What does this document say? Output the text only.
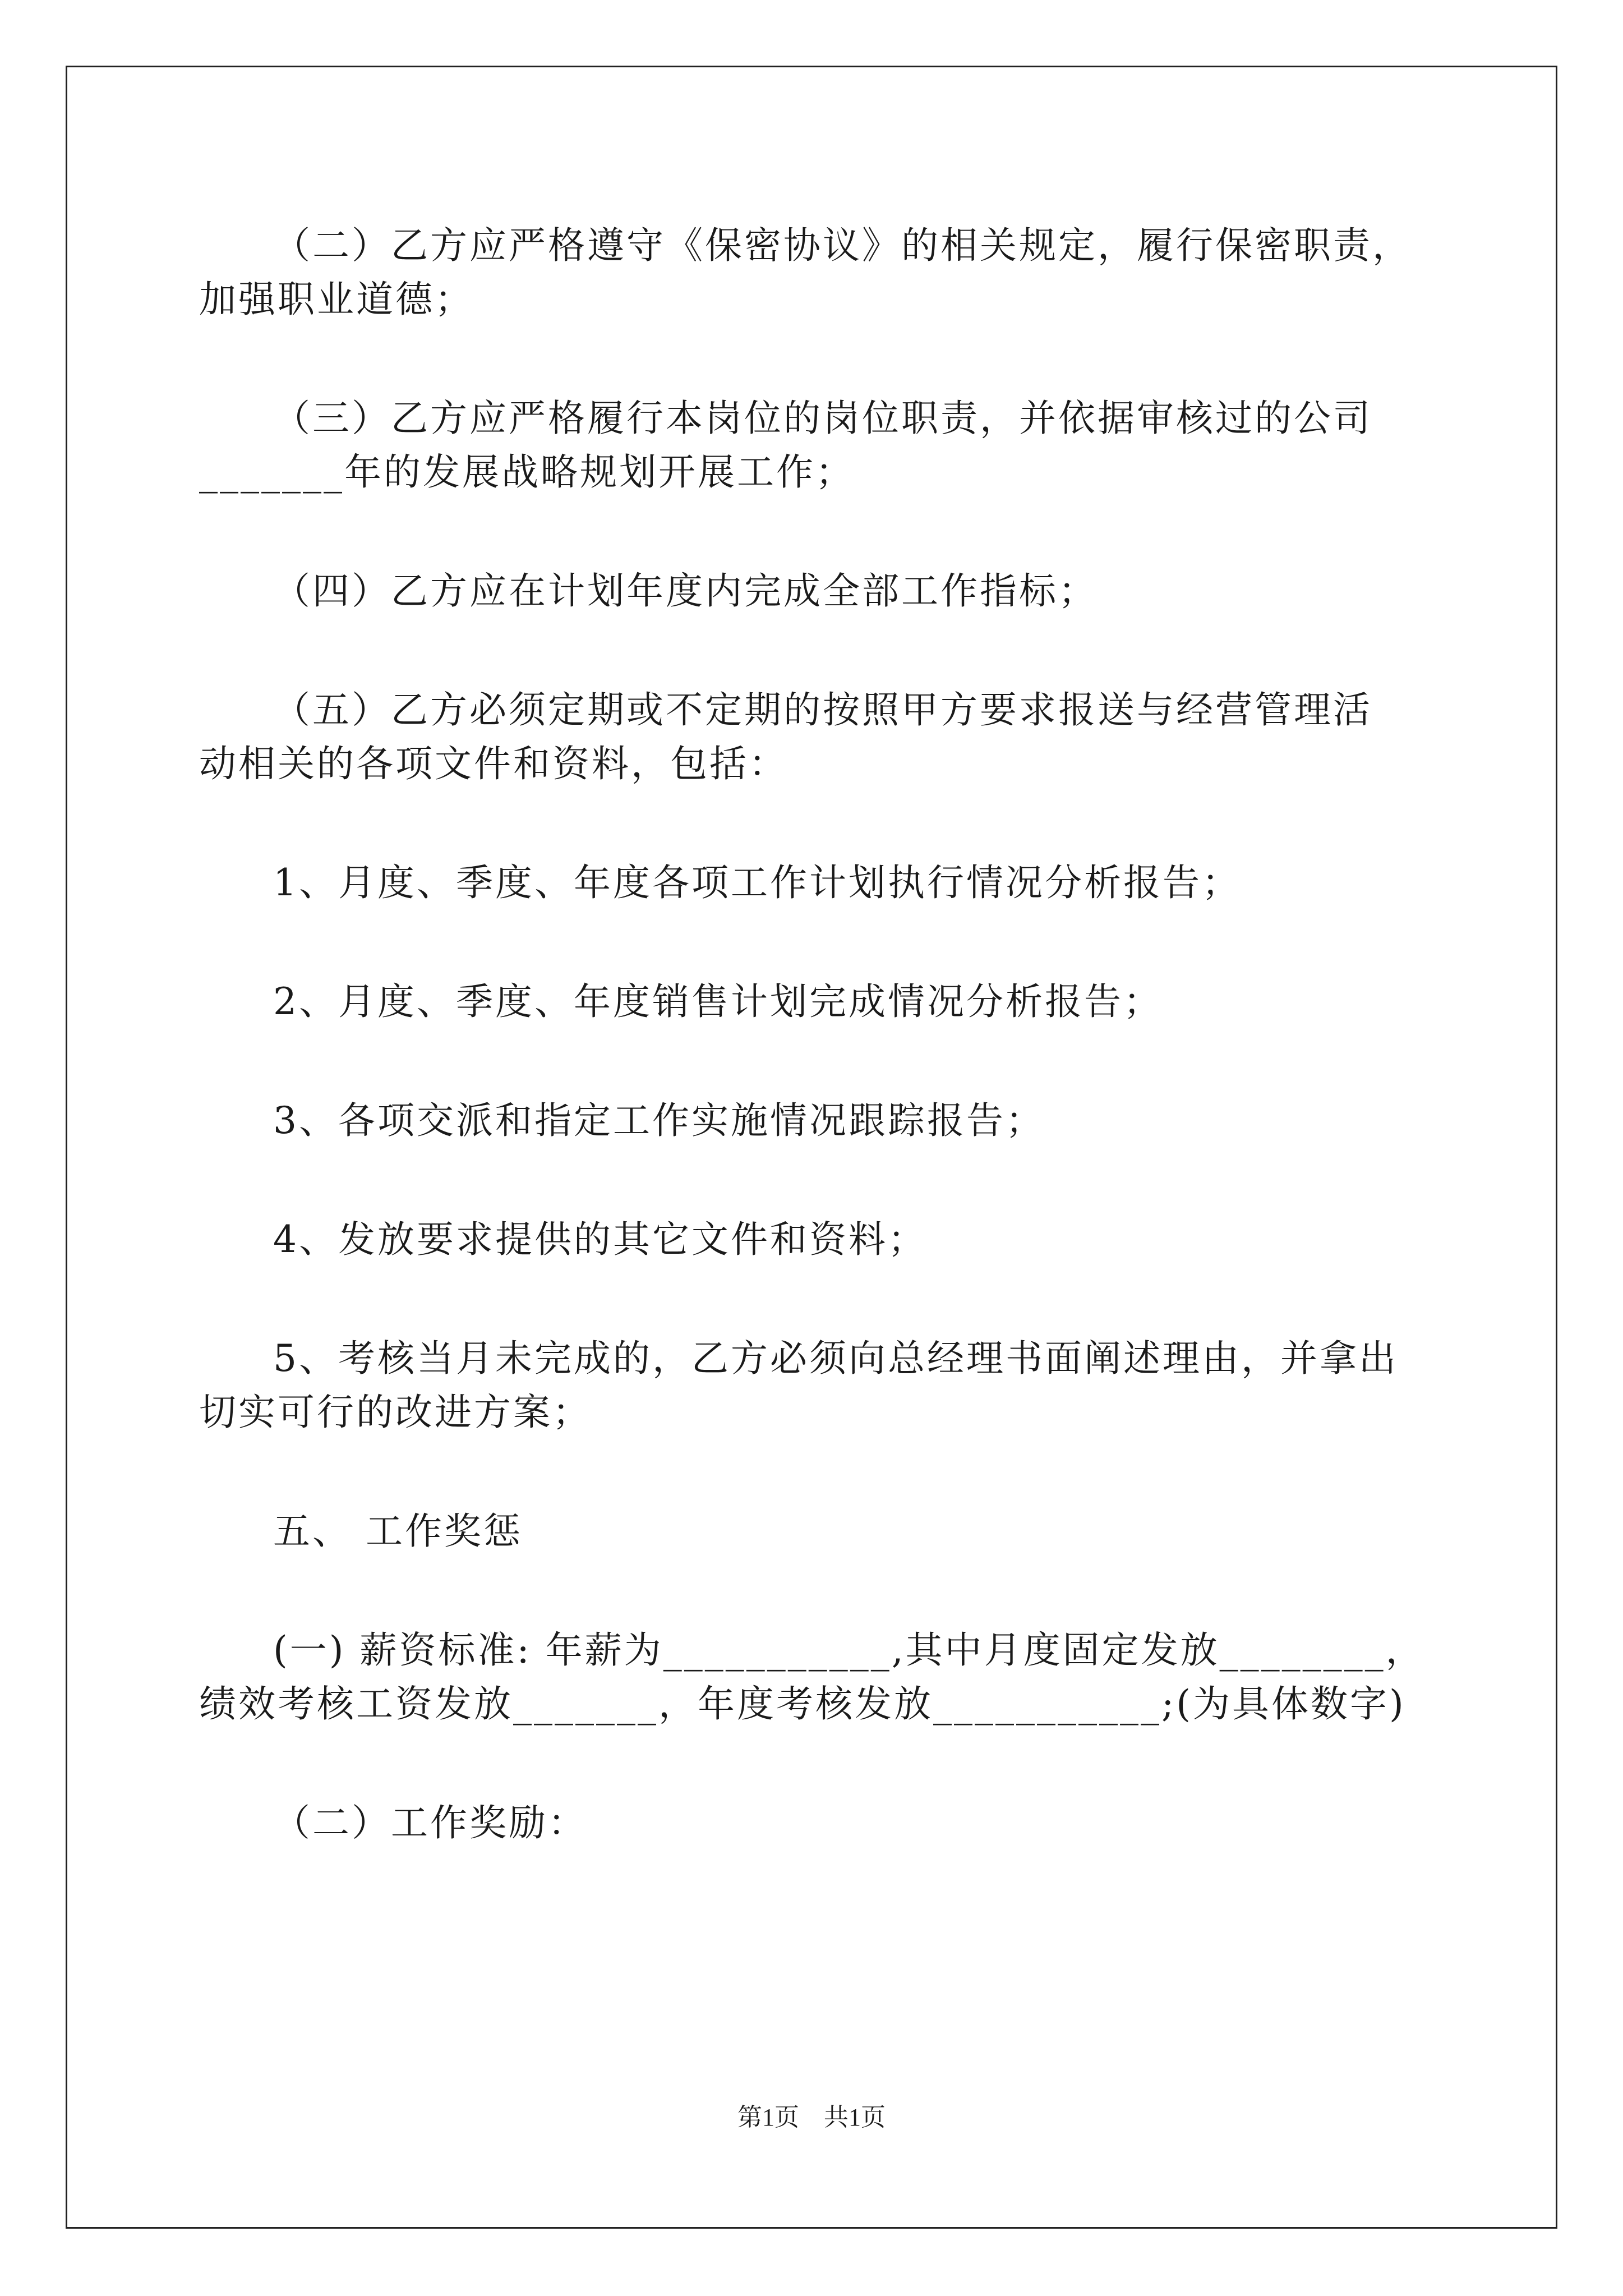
（二）乙方应严格遵守《保密协议》的相关规定，履行保密职责，
加强职业道德；

（三）乙方应严格履行本岗位的岗位职责，并依据审核过的公司
_______年的发展战略规划开展工作；

（四）乙方应在计划年度内完成全部工作指标；

（五）乙方必须定期或不定期的按照甲方要求报送与经营管理活
动相关的各项文件和资料，包括：

1、月度、季度、年度各项工作计划执行情况分析报告；

2、月度、季度、年度销售计划完成情况分析报告；

3、各项交派和指定工作实施情况跟踪报告；

4、发放要求提供的其它文件和资料；

5、考核当月未完成的，乙方必须向总经理书面阐述理由，并拿出
切实可行的改进方案；

五、 工作奖惩

(一) 薪资标准: 年薪为___________,其中月度固定发放________，
绩效考核工资发放_______，年度考核发放___________;(为具体数字)

（二）工作奖励：

第1页　共1页
